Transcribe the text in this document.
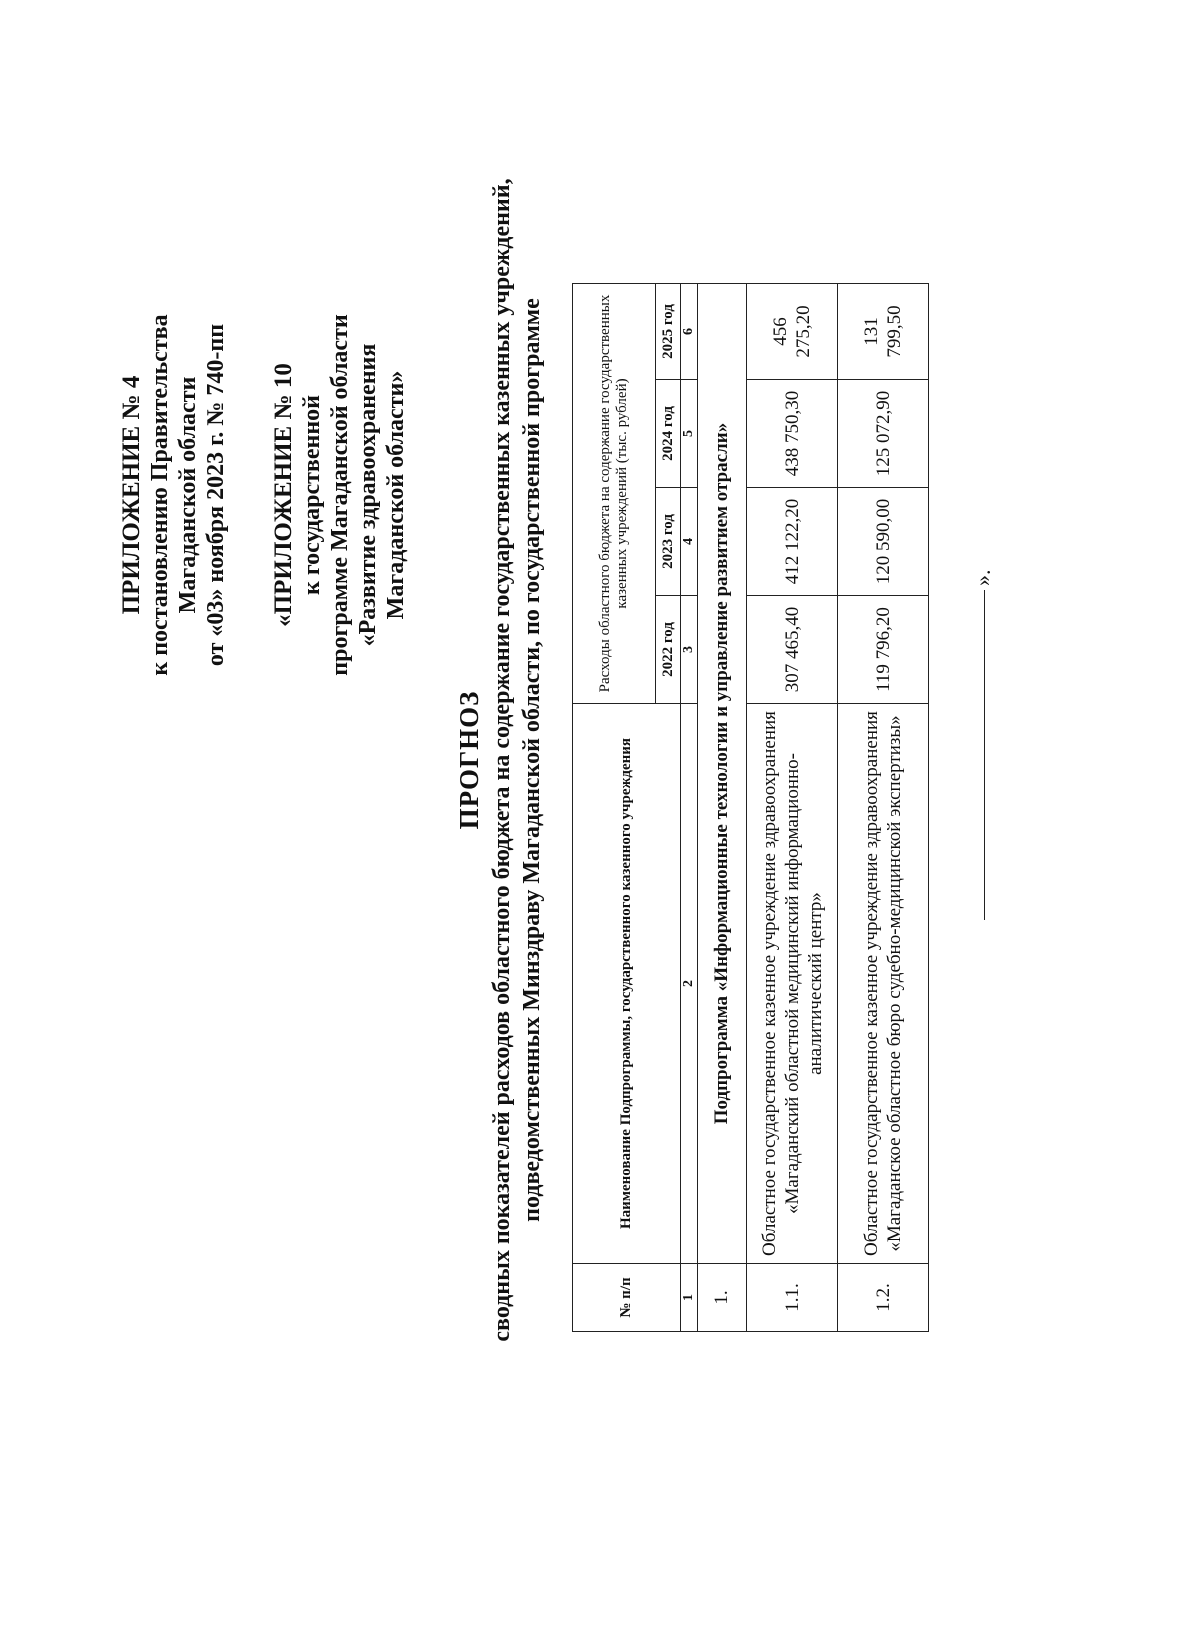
ПРИЛОЖЕНИЕ № 4 к постановлению Правительства Магаданской области от «03» ноября 2023 г. № 740-пп «ПРИЛОЖЕНИЕ № 10 к государственной программе Магаданской области «Развитие здравоохранения Магаданской области»
ПРОГНОЗ сводных показателей расходов областного бюджета на содержание государственных казенных учреждений, подведомственных Минздраву Магаданской области, по государственной программе
№ п/п	Наименование Подпрограммы, государственного казенного учреждения	Расходы областного бюджета на содержание государственных казенных учреждений (тыс. рублей)			
		2022 год	2023 год	2024 год	2025 год
1	2	3	4	5	6
1.	Подпрограмма «Информационные технологии и управление развитием отрасли»				
1.1.	Областное государственное казенное учреждение здравоохранения «Магаданский областной медицинский информационно-аналитический центр»	307 465,40	412 122,20	438 750,30	456 275,20
1.2.	Областное государственное казенное учреждение здравоохранения «Магаданское областное бюро судебно-медицинской экспертизы»	119 796,20	120 590,00	125 072,90	131 799,50
».
